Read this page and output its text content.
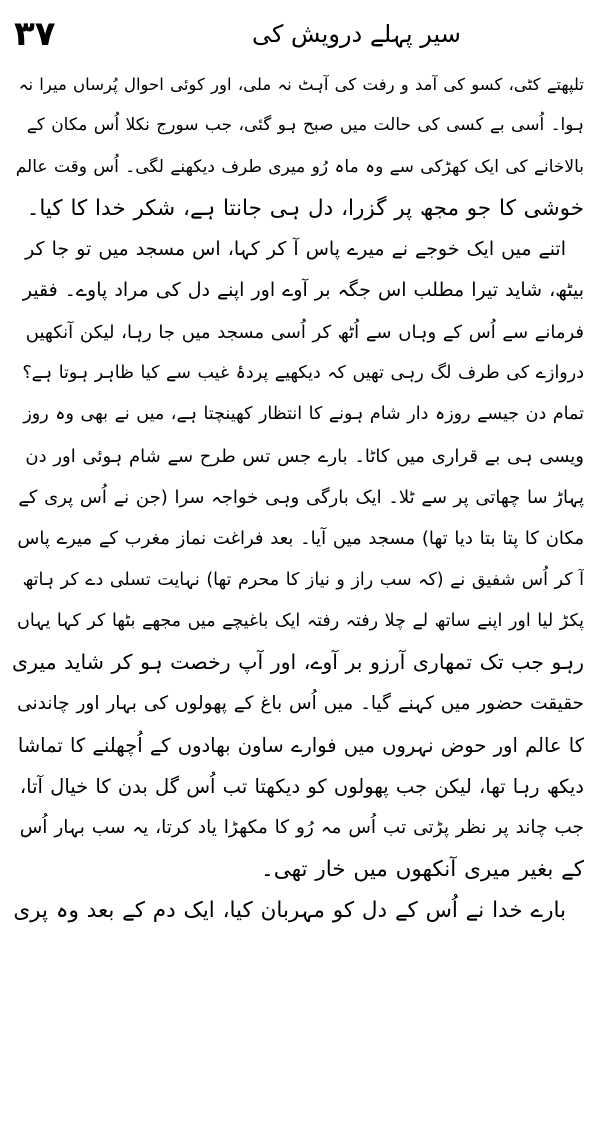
۳۷	سیر پہلے درویش کی
تلپھتے کٹی، کسو کی آمد و رفت کی آہٹ نہ ملی، اور کوئی احوال پُرساں میرا نہ
ہوا۔ اُسی بے کسی کی حالت میں صبح ہو گئی، جب سورج نکلا اُس مکان کے
بالاخانے کی ایک کھڑکی سے وہ ماہ رُو میری طرف دیکھنے لگی۔ اُس وقت عالم
خوشی کا جو مجھ پر گزرا، دل ہی جانتا ہے، شکر خدا کا کیا۔
اتنے میں ایک خوجے نے میرے پاس آ کر کہا، اس مسجد میں تو جا کر
بیٹھ، شاید تیرا مطلب اس جگہ بر آوے اور اپنے دل کی مراد پاوے۔ فقیر
فرمانے سے اُس کے وہاں سے اُٹھ کر اُسی مسجد میں جا رہا، لیکن آنکھیں
دروازے کی طرف لگ رہی تھیں کہ دیکھیے پردۂ غیب سے کیا ظاہر ہوتا ہے؟
تمام دن جیسے روزہ دار شام ہونے کا انتظار کھینچتا ہے، میں نے بھی وہ روز
ویسی ہی بے قراری میں کاٹا۔ بارے جس تس طرح سے شام ہوئی اور دن
پہاڑ سا چھاتی پر سے ٹلا۔ ایک بارگی وہی خواجہ سرا (جن نے اُس پری کے
مکان کا پتا بتا دیا تھا) مسجد میں آیا۔ بعد فراغت نماز مغرب کے میرے پاس
آ کر اُس شفیق نے (کہ سب راز و نیاز کا محرم تھا) نہایت تسلی دے کر ہاتھ
پکڑ لیا اور اپنے ساتھ لے چلا رفتہ رفتہ ایک باغیچے میں مجھے بٹھا کر کہا یہاں
رہو جب تک تمھاری آرزو بر آوے، اور آپ رخصت ہو کر شاید میری
حقیقت حضور میں کہنے گیا۔ میں اُس باغ کے پھولوں کی بہار اور چاندنی
کا عالم اور حوض نہروں میں فوارے ساون بھادوں کے اُچھلنے کا تماشا
دیکھ رہا تھا، لیکن جب پھولوں کو دیکھتا تب اُس گل بدن کا خیال آتا،
جب چاند پر نظر پڑتی تب اُس مہ رُو کا مکھڑا یاد کرتا، یہ سب بہار اُس
کے بغیر میری آنکھوں میں خار تھی۔
بارے خدا نے اُس کے دل کو مہربان کیا، ایک دم کے بعد وہ پری
